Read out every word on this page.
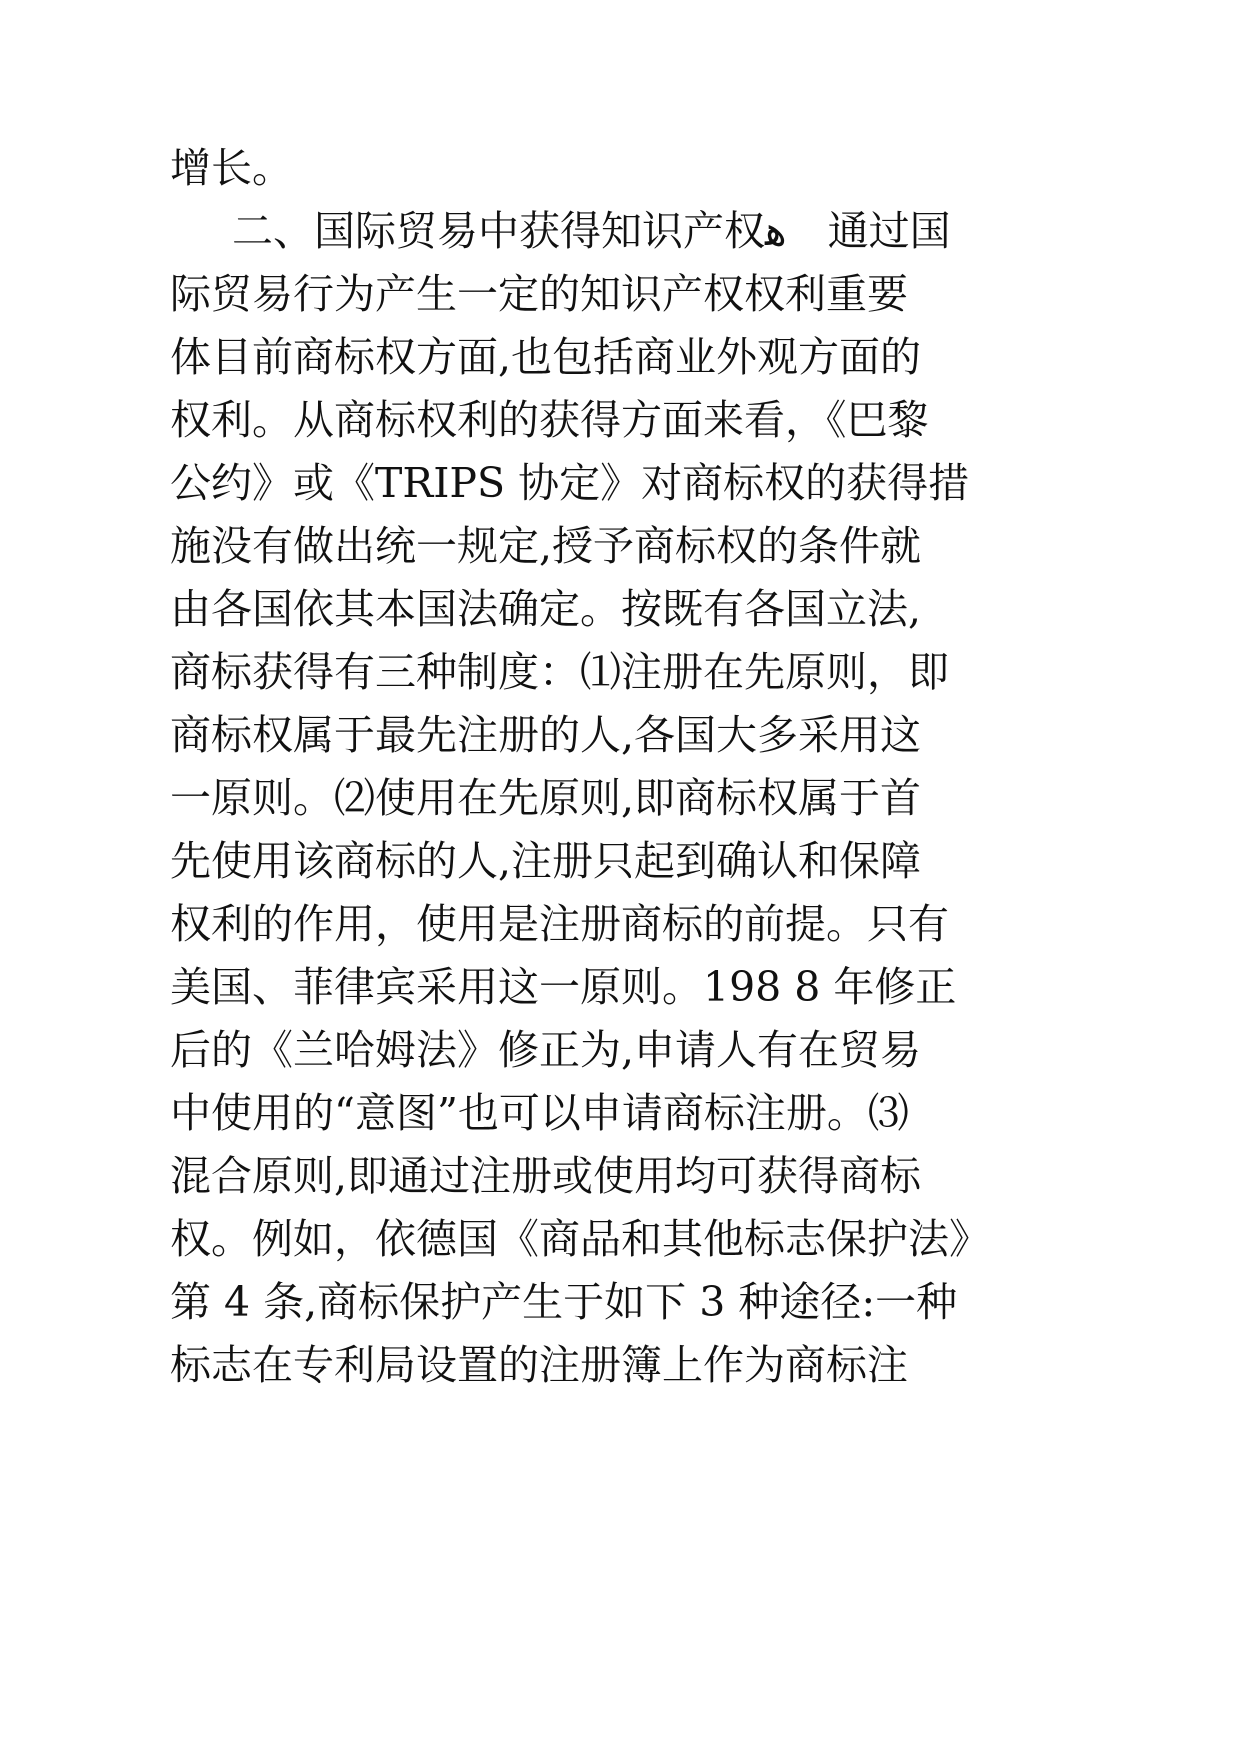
增长。
二、国际贸易中获得知识产权ﻫ　通过国
际贸易行为产生一定的知识产权权利重要
体目前商标权方面,也包括商业外观方面的
权利。从商标权利的获得方面来看，《巴黎
公约》或《TRIPS 协定》对商标权的获得措
施没有做出统一规定,授予商标权的条件就
由各国依其本国法确定。按既有各国立法,
商标获得有三种制度：⑴注册在先原则，即
商标权属于最先注册的人,各国大多采用这
一原则。⑵使用在先原则,即商标权属于首
先使用该商标的人,注册只起到确认和保障
权利的作用，使用是注册商标的前提。只有
美国、菲律宾采用这一原则。198 8 年修正
后的《兰哈姆法》修正为,申请人有在贸易
中使用的“意图”也可以申请商标注册。⑶
混合原则,即通过注册或使用均可获得商标
权。例如，依德国《商品和其他标志保护法》
第 4 条,商标保护产生于如下 3 种途径:一种
标志在专利局设置的注册簿上作为商标注
